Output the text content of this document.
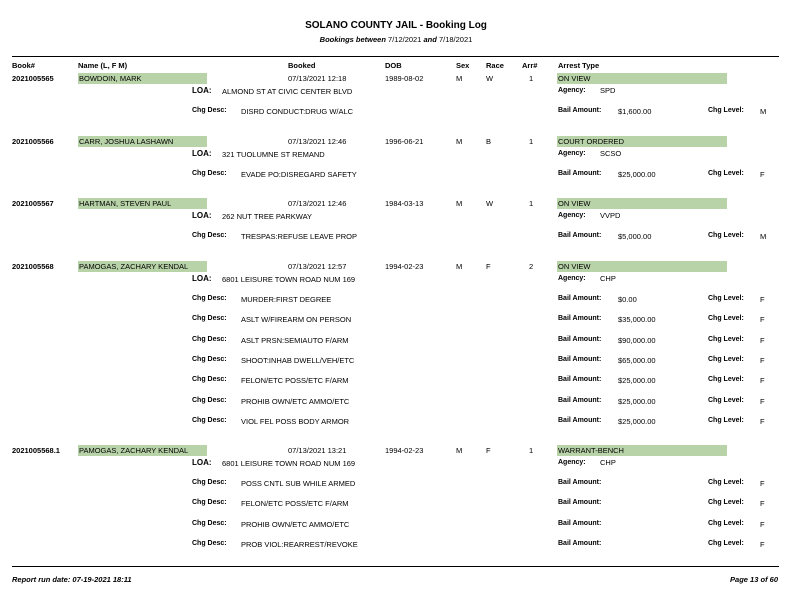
SOLANO COUNTY JAIL - Booking Log
Bookings between 7/12/2021 and 7/18/2021
Book#	Name (L, F M)	Booked	DOB	Sex Race Arr#	Arrest Type
2021005565	BOWDOIN, MARK	07/13/2021 12:18	1989-08-02	M	W	1	ON VIEW
LOA: ALMOND ST AT CIVIC CENTER BLVD	Agency: SPD
Chg Desc: DISRD CONDUCT:DRUG W/ALC	Bail Amount: $1,600.00	Chg Level: M
2021005566	CARR, JOSHUA LASHAWN	07/13/2021 12:46	1996-06-21	M	B	1	COURT ORDERED
LOA: 321 TUOLUMNE ST REMAND	Agency: SCSO
Chg Desc: EVADE PO:DISREGARD SAFETY	Bail Amount: $25,000.00	Chg Level: F
2021005567	HARTMAN, STEVEN PAUL	07/13/2021 12:46	1984-03-13	M	W	1	ON VIEW
LOA: 262 NUT TREE PARKWAY	Agency: VVPD
Chg Desc: TRESPAS:REFUSE LEAVE PROP	Bail Amount: $5,000.00	Chg Level: M
2021005568	PAMOGAS, ZACHARY KENDAL	07/13/2021 12:57	1994-02-23	M	F	2	ON VIEW
LOA: 6801 LEISURE TOWN ROAD NUM 169	Agency: CHP
Chg Desc: MURDER:FIRST DEGREE	Bail Amount: $0.00	Chg Level: F
Chg Desc: ASLT W/FIREARM ON PERSON	Bail Amount: $35,000.00	Chg Level: F
Chg Desc: ASLT PRSN:SEMIAUTO F/ARM	Bail Amount: $90,000.00	Chg Level: F
Chg Desc: SHOOT:INHAB DWELL/VEH/ETC	Bail Amount: $65,000.00	Chg Level: F
Chg Desc: FELON/ETC POSS/ETC F/ARM	Bail Amount: $25,000.00	Chg Level: F
Chg Desc: PROHIB OWN/ETC AMMO/ETC	Bail Amount: $25,000.00	Chg Level: F
Chg Desc: VIOL FEL POSS BODY ARMOR	Bail Amount: $25,000.00	Chg Level: F
2021005568.1	PAMOGAS, ZACHARY KENDAL	07/13/2021 13:21	1994-02-23	M	F	1	WARRANT-BENCH
LOA: 6801 LEISURE TOWN ROAD NUM 169	Agency: CHP
Chg Desc: POSS CNTL SUB WHILE ARMED	Bail Amount:	Chg Level: F
Chg Desc: FELON/ETC POSS/ETC F/ARM	Bail Amount:	Chg Level: F
Chg Desc: PROHIB OWN/ETC AMMO/ETC	Bail Amount:	Chg Level: F
Chg Desc: PROB VIOL:REARREST/REVOKE	Bail Amount:	Chg Level: F
Report run date: 07-19-2021 18:11	Page 13 of 60
